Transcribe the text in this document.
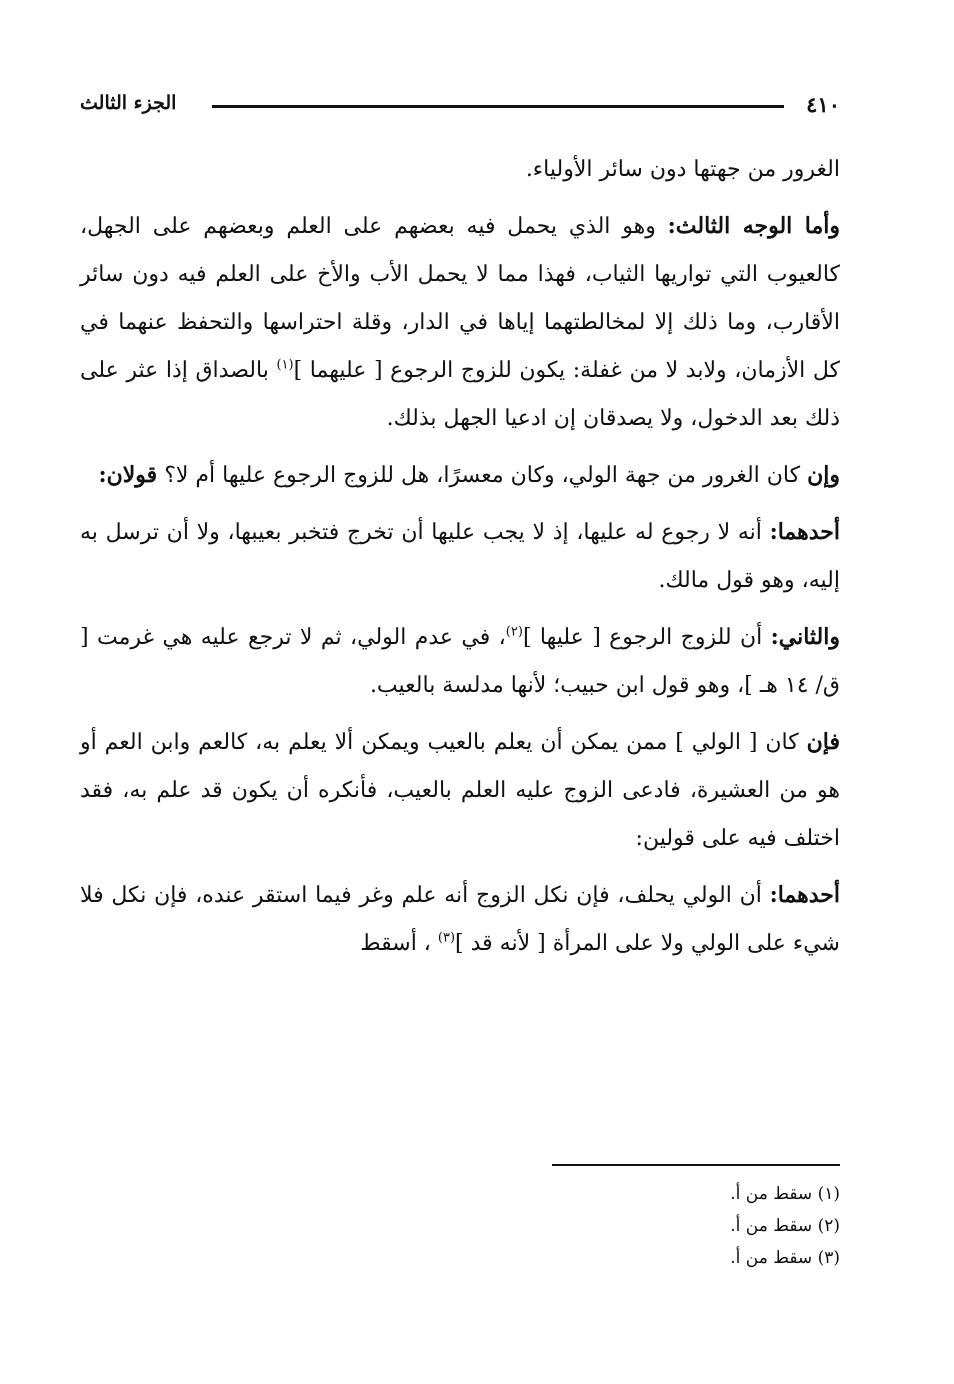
٤١٠
الجزء الثالث

الغرور من جهتها دون سائر الأولياء.

وأما الوجه الثالث: وهو الذي يحمل فيه بعضهم على العلم وبعضهم على الجهل، كالعيوب التي تواريها الثياب، فهذا مما لا يحمل الأب والأخ على العلم فيه دون سائر الأقارب، وما ذلك إلا لمخالطتهما إياها في الدار، وقلة احتراسها والتحفظ عنهما في كل الأزمان، ولابد لا من غفلة: يكون للزوج الرجوع [ عليهما ]$^{(١)}$ بالصداق إذا عثر على ذلك بعد الدخول، ولا يصدقان إن ادعيا الجهل بذلك.

وإن كان الغرور من جهة الولي، وكان معسرًا، هل للزوج الرجوع عليها أم لا؟ قولان:

أحدهما: أنه لا رجوع له عليها، إذ لا يجب عليها أن تخرج فتخبر بعيبها، ولا أن ترسل به إليه، وهو قول مالك.

والثاني: أن للزوج الرجوع [ عليها ]$^{(٢)}$، في عدم الولي، ثم لا ترجع عليه هي غرمت [ ق/ ١٤ هـ ]، وهو قول ابن حبيب؛ لأنها مدلسة بالعيب.

فإن كان [ الولي ] ممن يمكن أن يعلم بالعيب ويمكن ألا يعلم به، كالعم وابن العم أو هو من العشيرة، فادعى الزوج عليه العلم بالعيب، فأنكره أن يكون قد علم به، فقد اختلف فيه على قولين:

أحدهما: أن الولي يحلف، فإن نكل الزوج أنه علم وغر فيما استقر عنده، فإن نكل فلا شيء على الولي ولا على المرأة [ لأنه قد ]$^{(٣)}$ ، أسقط

(١) سقط من أ.

(٢) سقط من أ.

(٣) سقط من أ.
